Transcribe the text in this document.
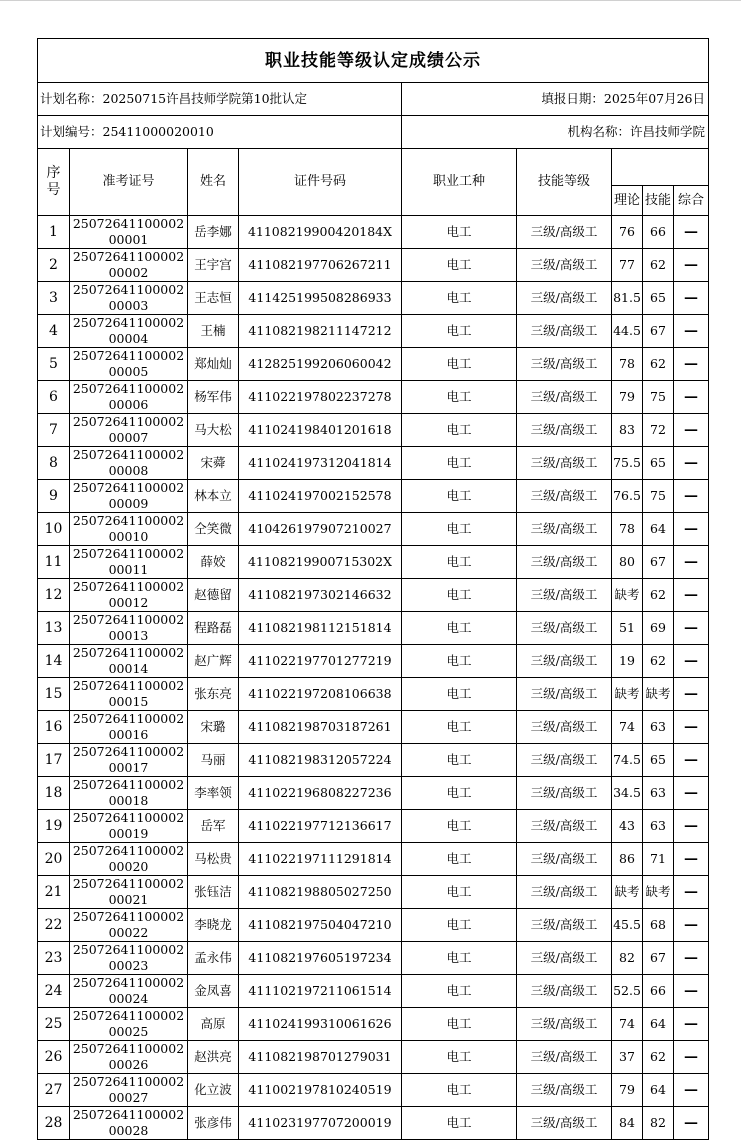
职业技能等级认定成绩公示								
计划名称：20250715许昌技师学院第10批认定				填报日期：2025年07月26日				
计划编号：25411000020010				机构名称：许昌技师学院				
序号	准考证号	姓名	证件号码	职业工种	技能等级			
						理论	技能	综合
1	2507264110000200001	岳李娜	41108219900420184X	电工	三级/高级工	76	66	—
2	2507264110000200002	王宇宫	411082197706267211	电工	三级/高级工	77	62	—
3	2507264110000200003	王志恒	411425199508286933	电工	三级/高级工	81.5	65	—
4	2507264110000200004	王楠	411082198211147212	电工	三级/高级工	44.5	67	—
5	2507264110000200005	郑灿灿	412825199206060042	电工	三级/高级工	78	62	—
6	2507264110000200006	杨军伟	411022197802237278	电工	三级/高级工	79	75	—
7	2507264110000200007	马大松	411024198401201618	电工	三级/高级工	83	72	—
8	2507264110000200008	宋蕣	411024197312041814	电工	三级/高级工	75.5	65	—
9	2507264110000200009	林本立	411024197002152578	电工	三级/高级工	76.5	75	—
10	2507264110000200010	仝笑微	410426197907210027	电工	三级/高级工	78	64	—
11	2507264110000200011	薛姣	41108219900715302X	电工	三级/高级工	80	67	—
12	2507264110000200012	赵德留	411082197302146632	电工	三级/高级工	缺考	62	—
13	2507264110000200013	程路磊	411082198112151814	电工	三级/高级工	51	69	—
14	2507264110000200014	赵广辉	411022197701277219	电工	三级/高级工	19	62	—
15	2507264110000200015	张东亮	411022197208106638	电工	三级/高级工	缺考	缺考	—
16	2507264110000200016	宋璐	411082198703187261	电工	三级/高级工	74	63	—
17	2507264110000200017	马丽	411082198312057224	电工	三级/高级工	74.5	65	—
18	2507264110000200018	李率领	411022196808227236	电工	三级/高级工	34.5	63	—
19	2507264110000200019	岳军	411022197712136617	电工	三级/高级工	43	63	—
20	2507264110000200020	马松贵	411022197111291814	电工	三级/高级工	86	71	—
21	2507264110000200021	张钰洁	411082198805027250	电工	三级/高级工	缺考	缺考	—
22	2507264110000200022	李晓龙	411082197504047210	电工	三级/高级工	45.5	68	—
23	2507264110000200023	孟永伟	411082197605197234	电工	三级/高级工	82	67	—
24	2507264110000200024	金凤喜	411102197211061514	电工	三级/高级工	52.5	66	—
25	2507264110000200025	高原	411024199310061626	电工	三级/高级工	74	64	—
26	2507264110000200026	赵洪亮	411082198701279031	电工	三级/高级工	37	62	—
27	2507264110000200027	化立波	411002197810240519	电工	三级/高级工	79	64	—
28	2507264110000200028	张彦伟	411023197707200019	电工	三级/高级工	84	82	—
